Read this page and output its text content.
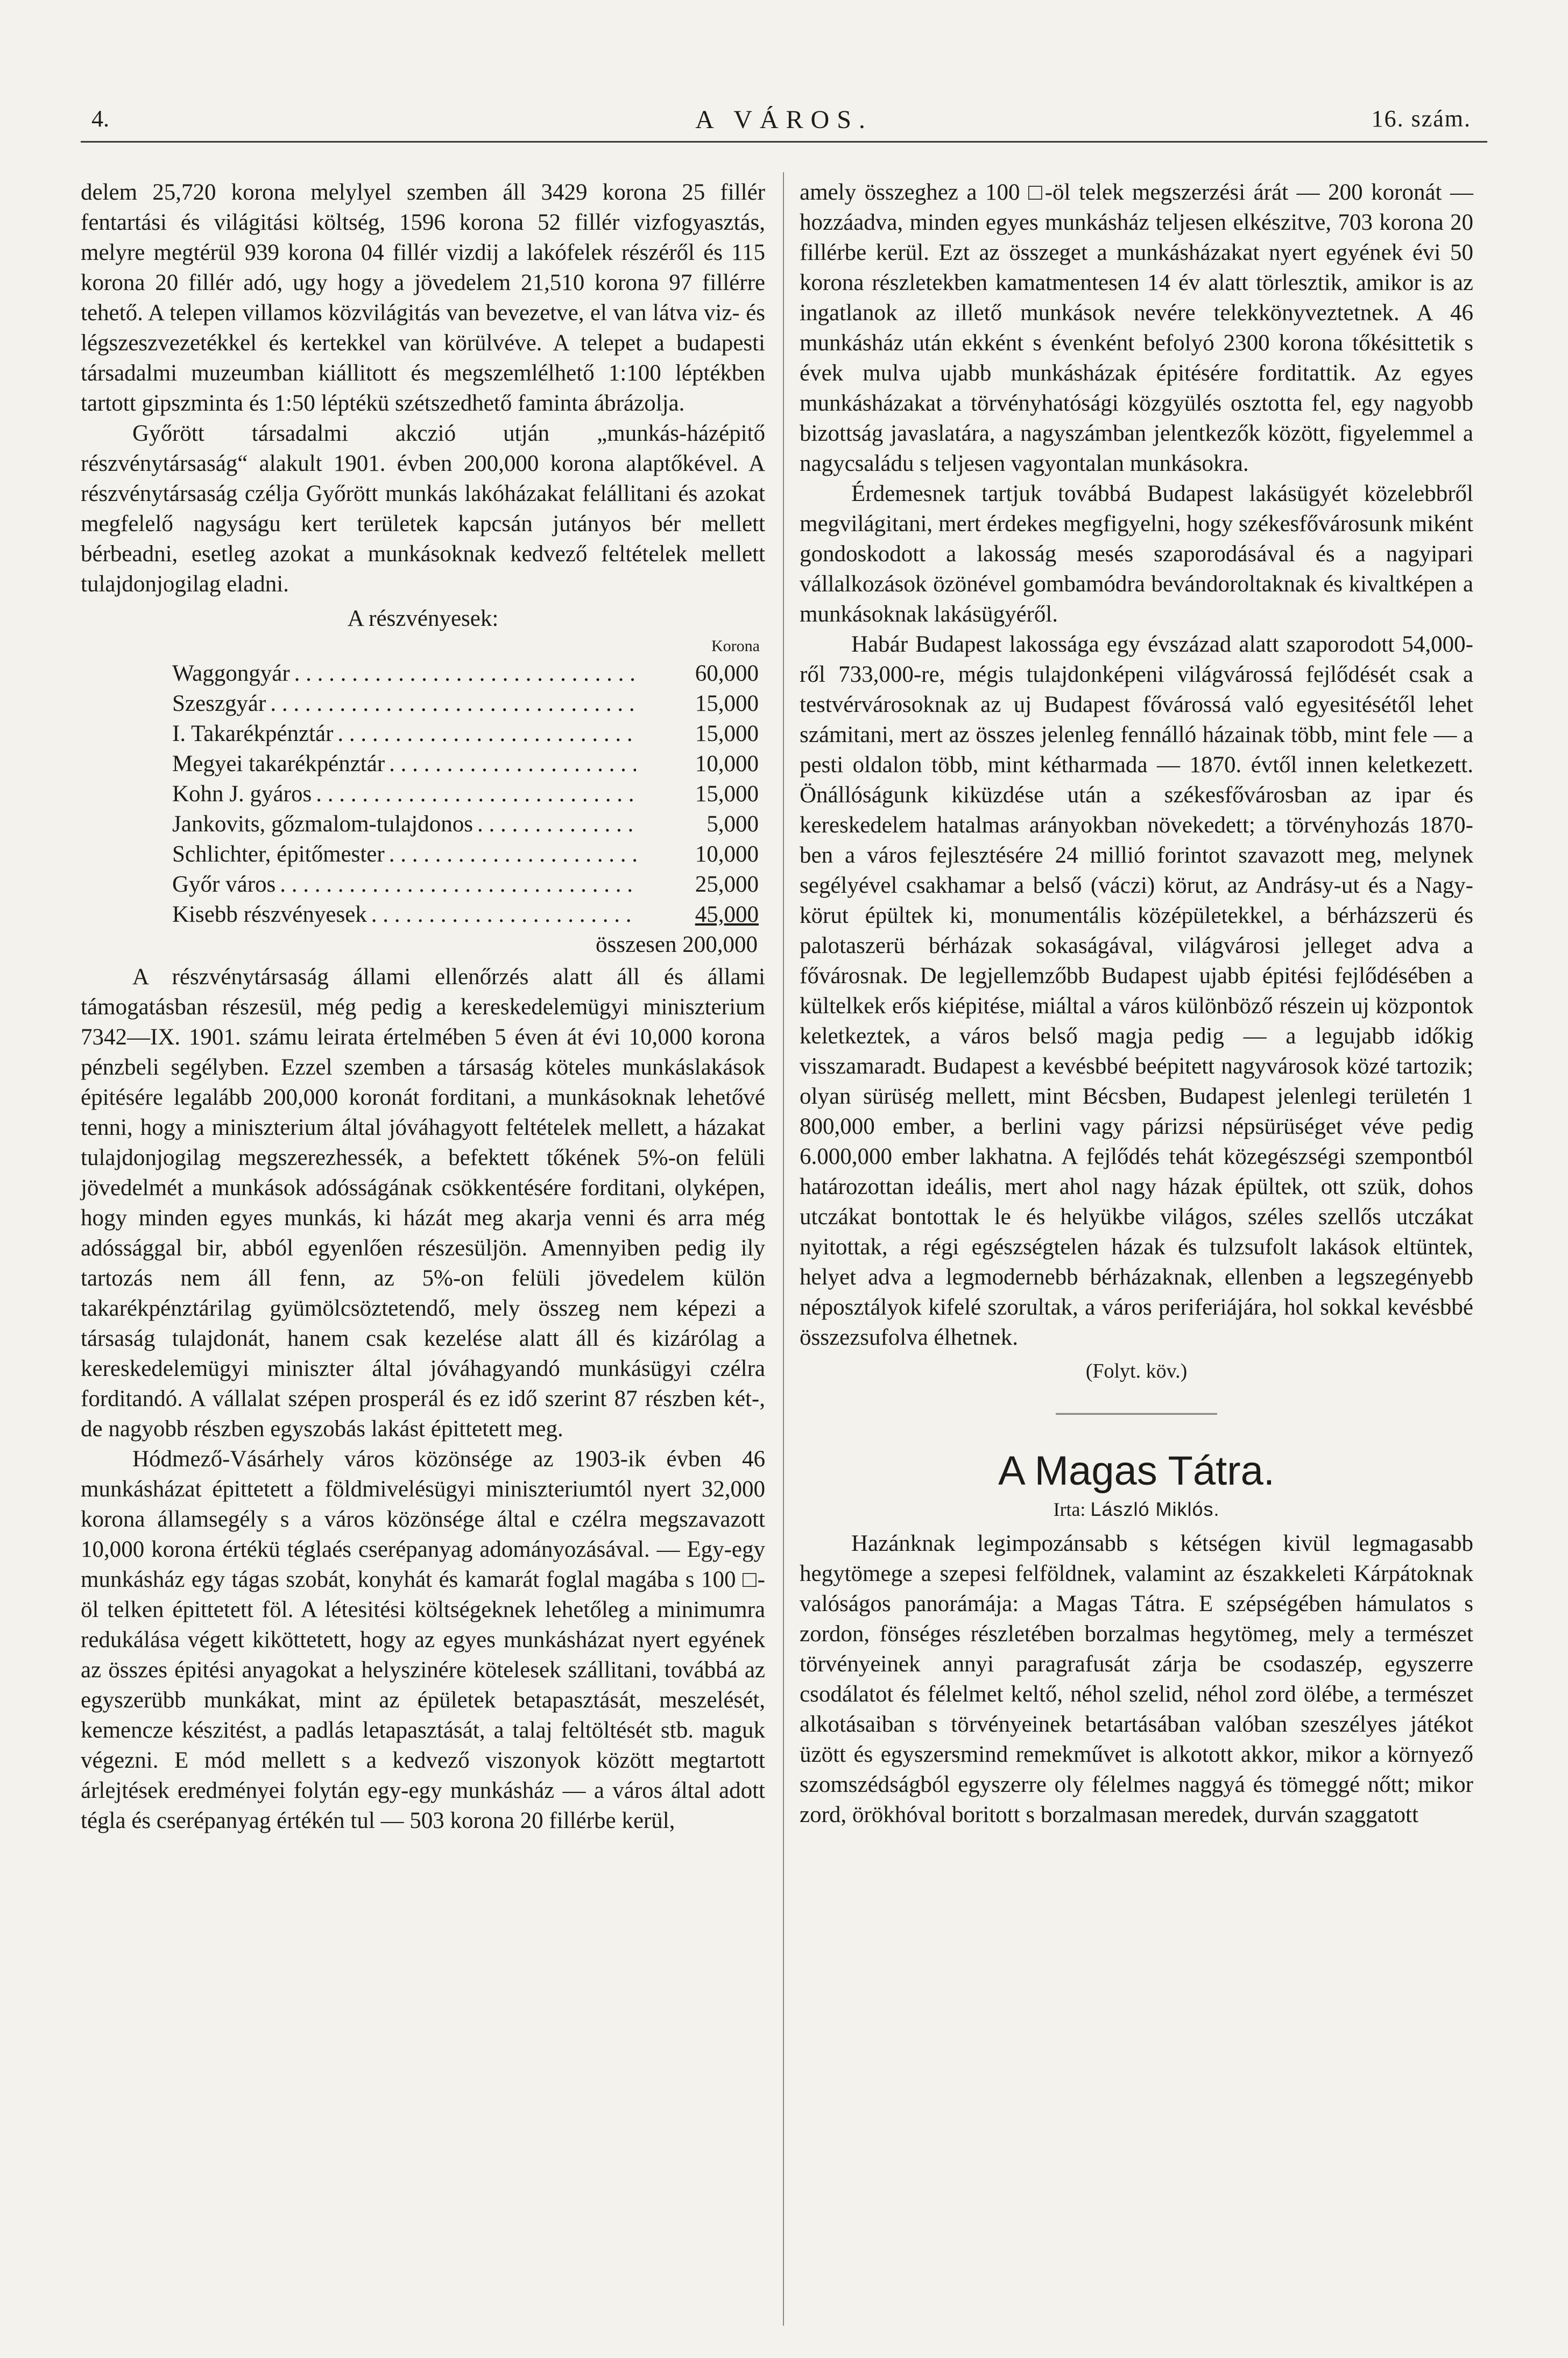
4.	A VÁROS.	16. szám.

delem 25,720 korona melylyel szemben áll 3429 korona 25 fillér fentartási és világitási költség, 1596 korona 52 fillér vizfogyasztás, melyre megtérül 939 korona 04 fillér vizdij a lakófelek részéről és 115 korona 20 fillér adó, ugy hogy a jövedelem 21,510 korona 97 fillérre tehető. A telepen villamos közvilágitás van bevezetve, el van látva viz- és légszeszvezetékkel és kertekkel van körülvéve. A telepet a budapesti társadalmi muzeumban kiállitott és megszemlélhető 1:100 léptékben tartott gipszminta és 1:50 léptékü szétszedhető faminta ábrázolja.

Győrött társadalmi akczió utján „munkás-házépitő részvénytársaság“ alakult 1901. évben 200,000 korona alaptőkével. A részvénytársaság czélja Győrött munkás lakóházakat felállitani és azokat megfelelő nagyságu kert területek kapcsán jutányos bér mellett bérbeadni, esetleg azokat a munkásoknak kedvező feltételek mellett tulajdonjogilag eladni.

A részvényesek:
Korona
Waggongyár . . .	60,000
Szeszgyár . . .	15,000
I. Takarékpénztár . . .	15,000
Megyei takarékpénztár . . .	10,000
Kohn J. gyáros . . .	15,000
Jankovits, gőzmalom-tulajdonos . . .	5,000
Schlichter, épitőmester . . .	10,000
Győr város . . .	25,000
Kisebb részvényesek . . .	45,000
összesen 200,000

A részvénytársaság állami ellenőrzés alatt áll és állami támogatásban részesül, még pedig a kereskedelemügyi miniszterium 7342—IX. 1901. számu leirata értelmében 5 éven át évi 10,000 korona pénzbeli segélyben. Ezzel szemben a társaság köteles munkáslakások épitésére legalább 200,000 koronát forditani, a munkásoknak lehetővé tenni, hogy a miniszterium által jóváhagyott feltételek mellett, a házakat tulajdonjogilag megszerezhessék, a befektett tőkének 5%-on felüli jövedelmét a munkások adósságának csökkentésére forditani, olyképen, hogy minden egyes munkás, ki házát meg akarja venni és arra még adóssággal bir, abból egyenlően részesüljön. Amennyiben pedig ily tartozás nem áll fenn, az 5%-on felüli jövedelem külön takarékpénztárilag gyümölcsöztetendő, mely összeg nem képezi a társaság tulajdonát, hanem csak kezelése alatt áll és kizárólag a kereskedelemügyi miniszter által jóváhagyandó munkásügyi czélra forditandó. A vállalat szépen prosperál és ez idő szerint 87 részben két-, de nagyobb részben egyszobás lakást épittetett meg.

Hódmező-Vásárhely város közönsége az 1903-ik évben 46 munkásházat épittetett a földmivelésügyi miniszteriumtól nyert 32,000 korona államsegély s a város közönsége által e czélra megszavazott 10,000 korona értékü téglaés cserépanyag adományozásával. — Egy-egy munkásház egy tágas szobát, konyhát és kamarát foglal magába s 100 □-öl telken épittetett föl. A létesitési költségeknek lehetőleg a minimumra redukálása végett kiköttetett, hogy az egyes munkásházat nyert egyének az összes épitési anyagokat a helyszinére kötelesek szállitani, továbbá az egyszerübb munkákat, mint az épületek betapasztását, meszelését, kemencze készitést, a padlás letapasztását, a talaj feltöltését stb. maguk végezni. E mód mellett s a kedvező viszonyok között megtartott árlejtések eredményei folytán egy-egy munkásház — a város által adott tégla és cserépanyag értékén tul — 503 korona 20 fillérbe kerül,

amely összeghez a 100 □-öl telek megszerzési árát — 200 koronát — hozzáadva, minden egyes munkásház teljesen elkészitve, 703 korona 20 fillérbe kerül. Ezt az összeget a munkásházakat nyert egyének évi 50 korona részletekben kamatmentesen 14 év alatt törlesztik, amikor is az ingatlanok az illető munkások nevére telekkönyveztetnek. A 46 munkásház után ekként s évenként befolyó 2300 korona tőkésittetik s évek mulva ujabb munkásházak épitésére forditattik. Az egyes munkásházakat a törvényhatósági közgyülés osztotta fel, egy nagyobb bizottság javaslatára, a nagyszámban jelentkezők között, figyelemmel a nagycsaládu s teljesen vagyontalan munkásokra.

Érdemesnek tartjuk továbbá Budapest lakásügyét közelebbről megvilágitani, mert érdekes megfigyelni, hogy székesfővárosunk miként gondoskodott a lakosság mesés szaporodásával és a nagyipari vállalkozások özönével gombamódra bevándoroltaknak és kivaltképen a munkásoknak lakásügyéről.

Habár Budapest lakossága egy évszázad alatt szaporodott 54,000-ről 733,000-re, mégis tulajdonképeni világvárossá fejlődését csak a testvérvárosoknak az uj Budapest fővárossá való egyesitésétől lehet számitani, mert az összes jelenleg fennálló házainak több, mint fele — a pesti oldalon több, mint kétharmada — 1870. évtől innen keletkezett. Önállóságunk kiküzdése után a székesfővárosban az ipar és kereskedelem hatalmas arányokban növekedett; a törvényhozás 1870-ben a város fejlesztésére 24 millió forintot szavazott meg, melynek segélyével csakhamar a belső (váczi) körut, az Andrásy-ut és a Nagy-körut épültek ki, monumentális középületekkel, a bérházszerü és palotaszerü bérházak sokaságával, világvárosi jelleget adva a fővárosnak. De legjellemzőbb Budapest ujabb épitési fejlődésében a kültelkek erős kiépitése, miáltal a város különböző részein uj központok keletkeztek, a város belső magja pedig — a legujabb időkig visszamaradt. Budapest a kevésbbé beépitett nagyvárosok közé tartozik; olyan sürüség mellett, mint Bécsben, Budapest jelenlegi területén 1 800,000 ember, a berlini vagy párizsi népsürüséget véve pedig 6.000,000 ember lakhatna. A fejlődés tehát közegészségi szempontból határozottan ideális, mert ahol nagy házak épültek, ott szük, dohos utczákat bontottak le és helyükbe világos, széles szellős utczákat nyitottak, a régi egészségtelen házak és tulzsufolt lakások eltüntek, helyet adva a legmodernebb bérházaknak, ellenben a legszegényebb néposztályok kifelé szorultak, a város periferiájára, hol sokkal kevésbbé összezsufolva élhetnek.

(Folyt. köv.)
A Magas Tátra.
Irta: László Miklós.

Hazánknak legimpozánsabb s kétségen kivül legmagasabb hegytömege a szepesi felföldnek, valamint az északkeleti Kárpátoknak valóságos panorámája: a Magas Tátra. E szépségében hámulatos s zordon, fönséges részletében borzalmas hegytömeg, mely a természet törvényeinek annyi paragrafusát zárja be csodaszép, egyszerre csodálatot és félelmet keltő, néhol szelid, néhol zord ölébe, a természet alkotásaiban s törvényeinek betartásában valóban szeszélyes játékot üzött és egyszersmind remekművet is alkotott akkor, mikor a környező szomszédságból egyszerre oly félelmes naggyá és tömeggé nőtt; mikor zord, örökhóval boritott s borzalmasan meredek, durván szaggatott
